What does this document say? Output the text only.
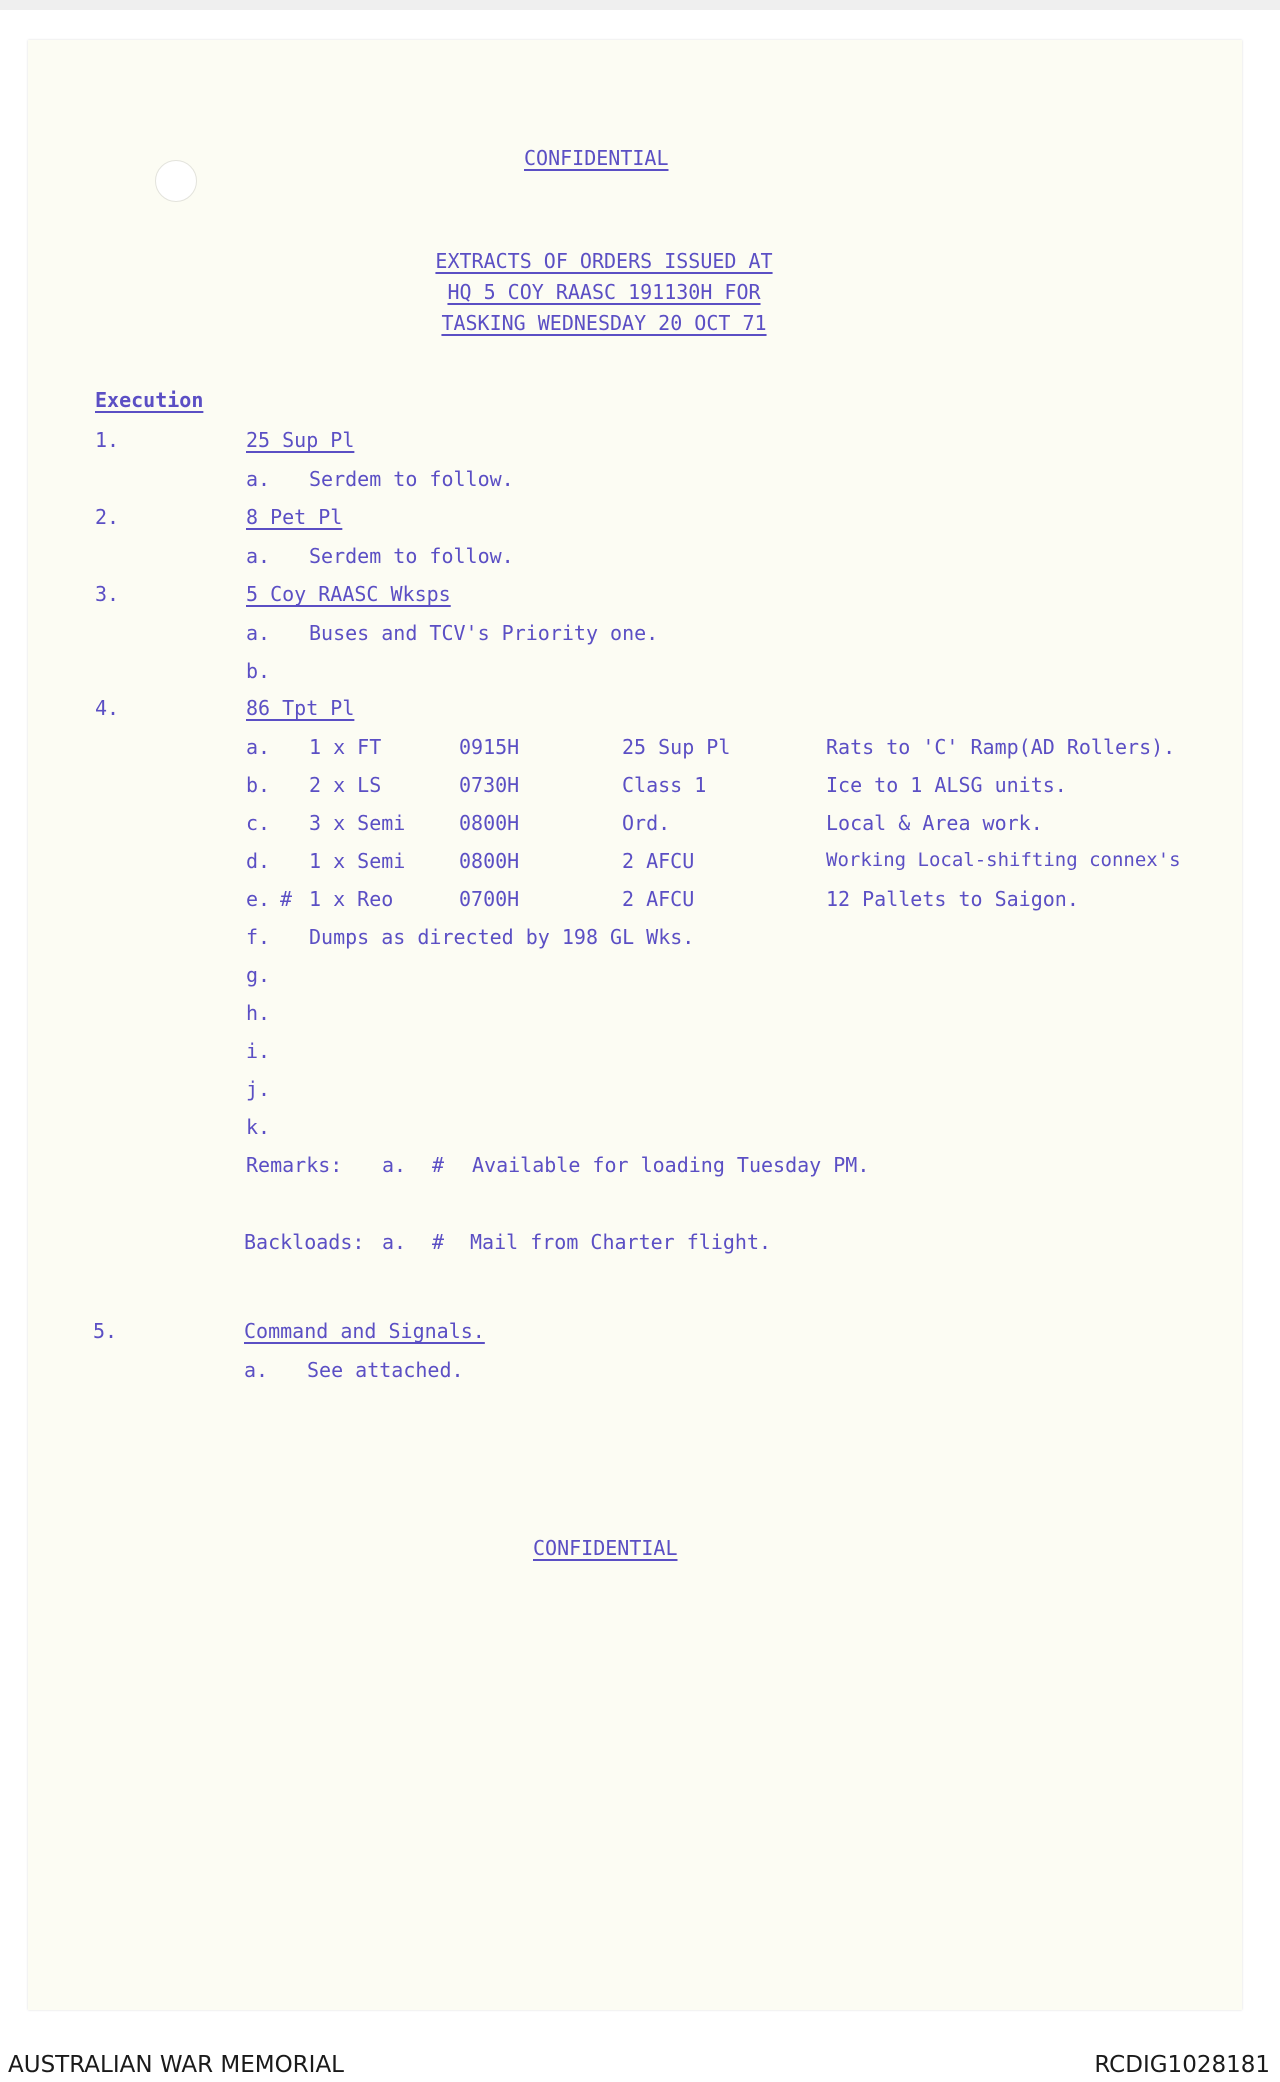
CONFIDENTIAL
EXTRACTS OF ORDERS ISSUED AT
HQ 5 COY RAASC 191130H FOR
TASKING WEDNESDAY 20 OCT 71
Execution
1.	25 Sup Pl
a. Serdem to follow.
2.	8 Pet Pl
a. Serdem to follow.
3.	5 Coy RAASC Wksps
a. Buses and TCV's Priority one.
b.
4.	86 Tpt Pl
a. 1 x FT	0915H	25 Sup Pl	Rats to 'C' Ramp(AD Rollers).
b. 2 x LS	0730H	Class 1	Ice to 1 ALSG units.
c. 3 x Semi	0800H	Ord.	Local & Area work.
d. 1 x Semi	0800H	2 AFCU	Working Local-shifting connex's
e. # 1 x Reo	0700H	2 AFCU	12 Pallets to Saigon.
f. Dumps as directed by 198 GL Wks.
g.
h.
i.
j.
k.
Remarks: a. # Available for loading Tuesday PM.
Backloads: a. # Mail from Charter flight.
5.	Command and Signals.
a. See attached.
CONFIDENTIAL
AUSTRALIAN WAR MEMORIAL	RCDIG1028181
